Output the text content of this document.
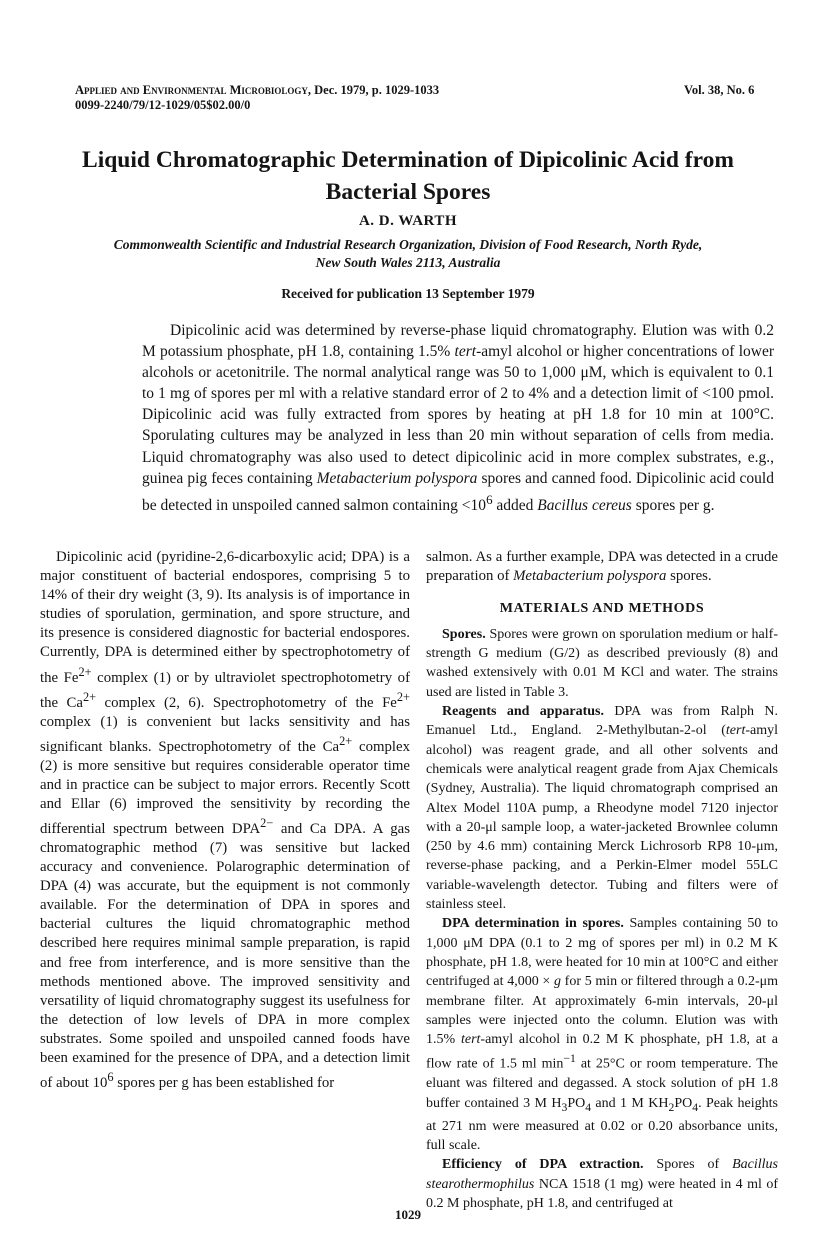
Applied and Environmental Microbiology, Dec. 1979, p. 1029-1033
0099-2240/79/12-1029/05$02.00/0
Vol. 38, No. 6
Liquid Chromatographic Determination of Dipicolinic Acid from Bacterial Spores
A. D. WARTH
Commonwealth Scientific and Industrial Research Organization, Division of Food Research, North Ryde,
New South Wales 2113, Australia
Received for publication 13 September 1979

Dipicolinic acid was determined by reverse-phase liquid chromatography. Elution was with 0.2 M potassium phosphate, pH 1.8, containing 1.5% tert-amyl alcohol or higher concentrations of lower alcohols or acetonitrile. The normal analytical range was 50 to 1,000 μM, which is equivalent to 0.1 to 1 mg of spores per ml with a relative standard error of 2 to 4% and a detection limit of <100 pmol. Dipicolinic acid was fully extracted from spores by heating at pH 1.8 for 10 min at 100°C. Sporulating cultures may be analyzed in less than 20 min without separation of cells from media. Liquid chromatography was also used to detect dipicolinic acid in more complex substrates, e.g., guinea pig feces containing Metabacterium polyspora spores and canned food. Dipicolinic acid could be detected in unspoiled canned salmon containing $<10^6$ added Bacillus cereus spores per g.

Dipicolinic acid (pyridine-2,6-dicarboxylic acid; DPA) is a major constituent of bacterial endospores, comprising 5 to 14% of their dry weight (3, 9). Its analysis is of importance in studies of sporulation, germination, and spore structure, and its presence is considered diagnostic for bacterial endospores. Currently, DPA is determined either by spectrophotometry of the $Fe^{2+}$ complex (1) or by ultraviolet spectrophotometry of the $Ca^{2+}$ complex (2, 6). Spectrophotometry of the $Fe^{2+}$ complex (1) is convenient but lacks sensitivity and has significant blanks. Spectrophotometry of the $Ca^{2+}$ complex (2) is more sensitive but requires considerable operator time and in practice can be subject to major errors. Recently Scott and Ellar (6) improved the sensitivity by recording the differential spectrum between $DPA^{2-}$ and Ca DPA. A gas chromatographic method (7) was sensitive but lacked accuracy and convenience. Polarographic determination of DPA (4) was accurate, but the equipment is not commonly available. For the determination of DPA in spores and bacterial cultures the liquid chromatographic method described here requires minimal sample preparation, is rapid and free from interference, and is more sensitive than the methods mentioned above. The improved sensitivity and versatility of liquid chromatography suggest its usefulness for the detection of low levels of DPA in more complex substrates. Some spoiled and unspoiled canned foods have been examined for the presence of DPA, and a detection limit of about $10^6$ spores per g has been established for

salmon. As a further example, DPA was detected in a crude preparation of Metabacterium polyspora spores.

MATERIALS AND METHODS

Spores. Spores were grown on sporulation medium or half-strength G medium (G/2) as described previously (8) and washed extensively with 0.01 M KCl and water. The strains used are listed in Table 3.

Reagents and apparatus. DPA was from Ralph N. Emanuel Ltd., England. 2-Methylbutan-2-ol (tert-amyl alcohol) was reagent grade, and all other solvents and chemicals were analytical reagent grade from Ajax Chemicals (Sydney, Australia). The liquid chromatograph comprised an Altex Model 110A pump, a Rheodyne model 7120 injector with a 20-μl sample loop, a water-jacketed Brownlee column (250 by 4.6 mm) containing Merck Lichrosorb RP8 10-μm, reverse-phase packing, and a Perkin-Elmer model 55LC variable-wavelength detector. Tubing and filters were of stainless steel.

DPA determination in spores. Samples containing 50 to 1,000 μM DPA (0.1 to 2 mg of spores per ml) in 0.2 M K phosphate, pH 1.8, were heated for 10 min at 100°C and either centrifuged at 4,000 × g for 5 min or filtered through a 0.2-μm membrane filter. At approximately 6-min intervals, 20-μl samples were injected onto the column. Elution was with 1.5% tert-amyl alcohol in 0.2 M K phosphate, pH 1.8, at a flow rate of 1.5 ml $\min^{-1}$ at 25°C or room temperature. The eluant was filtered and degassed. A stock solution of pH 1.8 buffer contained 3 M $H_3PO_4$ and 1 M $KH_2PO_4$. Peak heights at 271 nm were measured at 0.02 or 0.20 absorbance units, full scale.

Efficiency of DPA extraction. Spores of Bacillus stearothermophilus NCA 1518 (1 mg) were heated in 4 ml of 0.2 M phosphate, pH 1.8, and centrifuged at

1029
